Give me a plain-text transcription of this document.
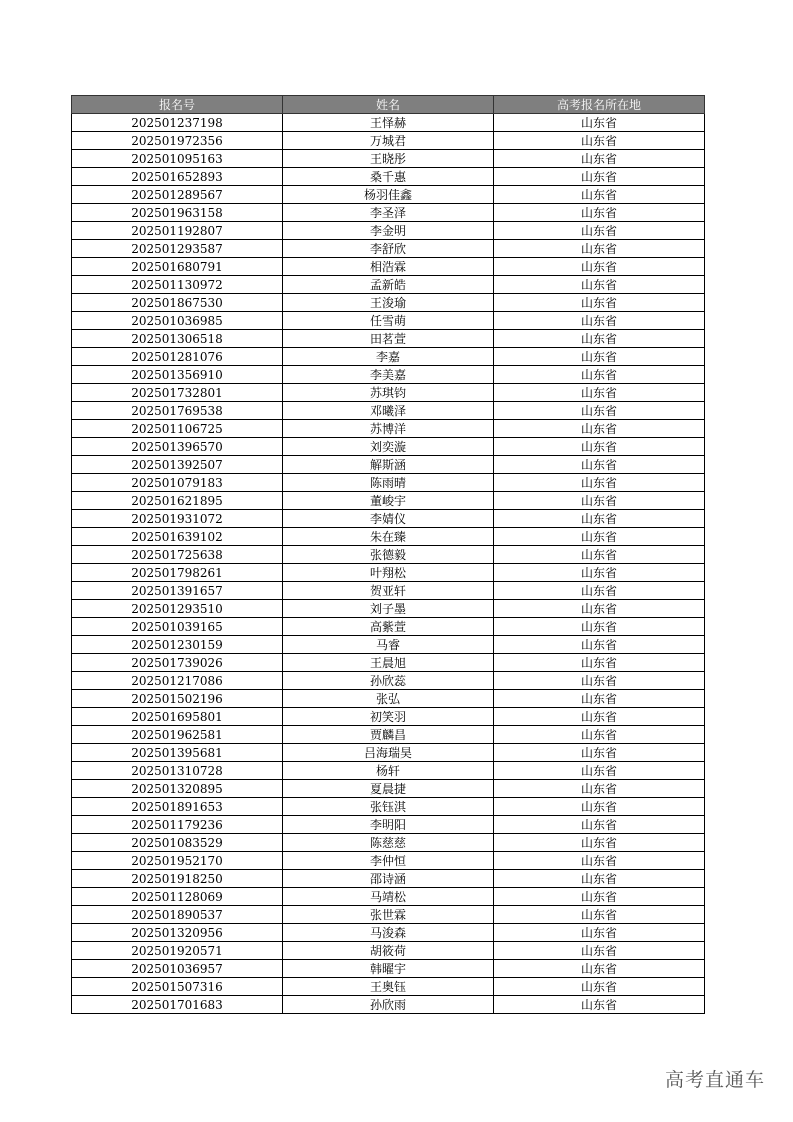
报名号	姓名	高考报名所在地
202501237198	王怿赫	山东省
202501972356	万城君	山东省
202501095163	王晓彤	山东省
202501652893	桑千惠	山东省
202501289567	杨羽佳鑫	山东省
202501963158	李圣泽	山东省
202501192807	李金明	山东省
202501293587	李舒欣	山东省
202501680791	相浩霖	山东省
202501130972	孟新皓	山东省
202501867530	王浚瑜	山东省
202501036985	任雪萌	山东省
202501306518	田茗萱	山东省
202501281076	李嘉	山东省
202501356910	李美嘉	山东省
202501732801	苏琪钧	山东省
202501769538	邓曦泽	山东省
202501106725	苏博洋	山东省
202501396570	刘奕漩	山东省
202501392507	解斯涵	山东省
202501079183	陈雨晴	山东省
202501621895	董峻宇	山东省
202501931072	李婧仪	山东省
202501639102	朱在臻	山东省
202501725638	张德毅	山东省
202501798261	叶翔松	山东省
202501391657	贺亚轩	山东省
202501293510	刘子墨	山东省
202501039165	高紫萱	山东省
202501230159	马睿	山东省
202501739026	王晨旭	山东省
202501217086	孙欣蕊	山东省
202501502196	张弘	山东省
202501695801	初笑羽	山东省
202501962581	贾麟昌	山东省
202501395681	吕海瑞昊	山东省
202501310728	杨轩	山东省
202501320895	夏晨捷	山东省
202501891653	张钰淇	山东省
202501179236	李明阳	山东省
202501083529	陈慈慈	山东省
202501952170	李仲恒	山东省
202501918250	邵诗涵	山东省
202501128069	马靖松	山东省
202501890537	张世霖	山东省
202501320956	马浚森	山东省
202501920571	胡筱荷	山东省
202501036957	韩曜宇	山东省
202501507316	王奥钰	山东省
202501701683	孙欣雨	山东省
高考直通车
